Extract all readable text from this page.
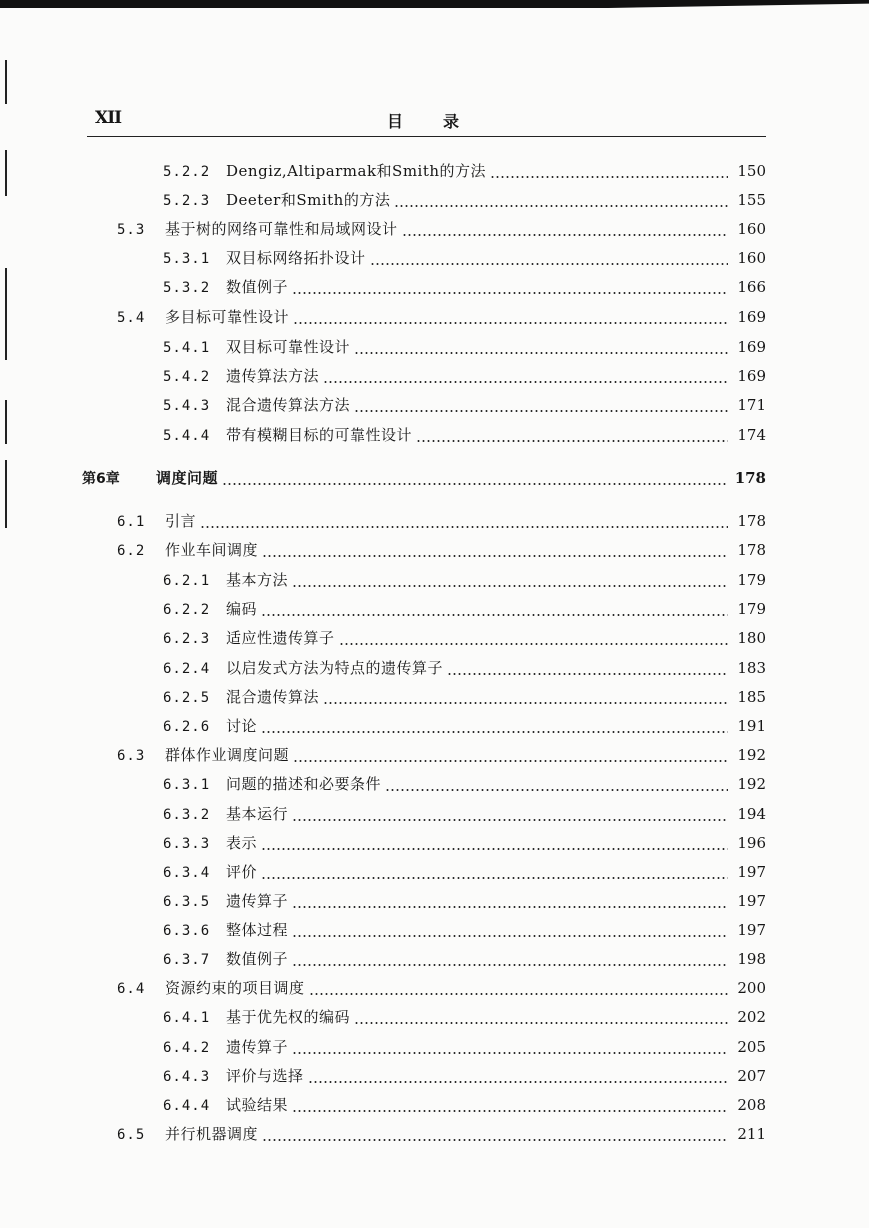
XII	目录
5.2.2	Dengiz,Altiparmak和Smith的方法	150
5.2.3	Deeter和Smith的方法	155
5.3	基于树的网络可靠性和局域网设计	160
5.3.1	双目标网络拓扑设计	160
5.3.2	数值例子	166
5.4	多目标可靠性设计	169
5.4.1	双目标可靠性设计	169
5.4.2	遗传算法方法	169
5.4.3	混合遗传算法方法	171
5.4.4	带有模糊目标的可靠性设计	174
第6章	调度问题	178
6.1	引言	178
6.2	作业车间调度	178
6.2.1	基本方法	179
6.2.2	编码	179
6.2.3	适应性遗传算子	180
6.2.4	以启发式方法为特点的遗传算子	183
6.2.5	混合遗传算法	185
6.2.6	讨论	191
6.3	群体作业调度问题	192
6.3.1	问题的描述和必要条件	192
6.3.2	基本运行	194
6.3.3	表示	196
6.3.4	评价	197
6.3.5	遗传算子	197
6.3.6	整体过程	197
6.3.7	数值例子	198
6.4	资源约束的项目调度	200
6.4.1	基于优先权的编码	202
6.4.2	遗传算子	205
6.4.3	评价与选择	207
6.4.4	试验结果	208
6.5	并行机器调度	211
